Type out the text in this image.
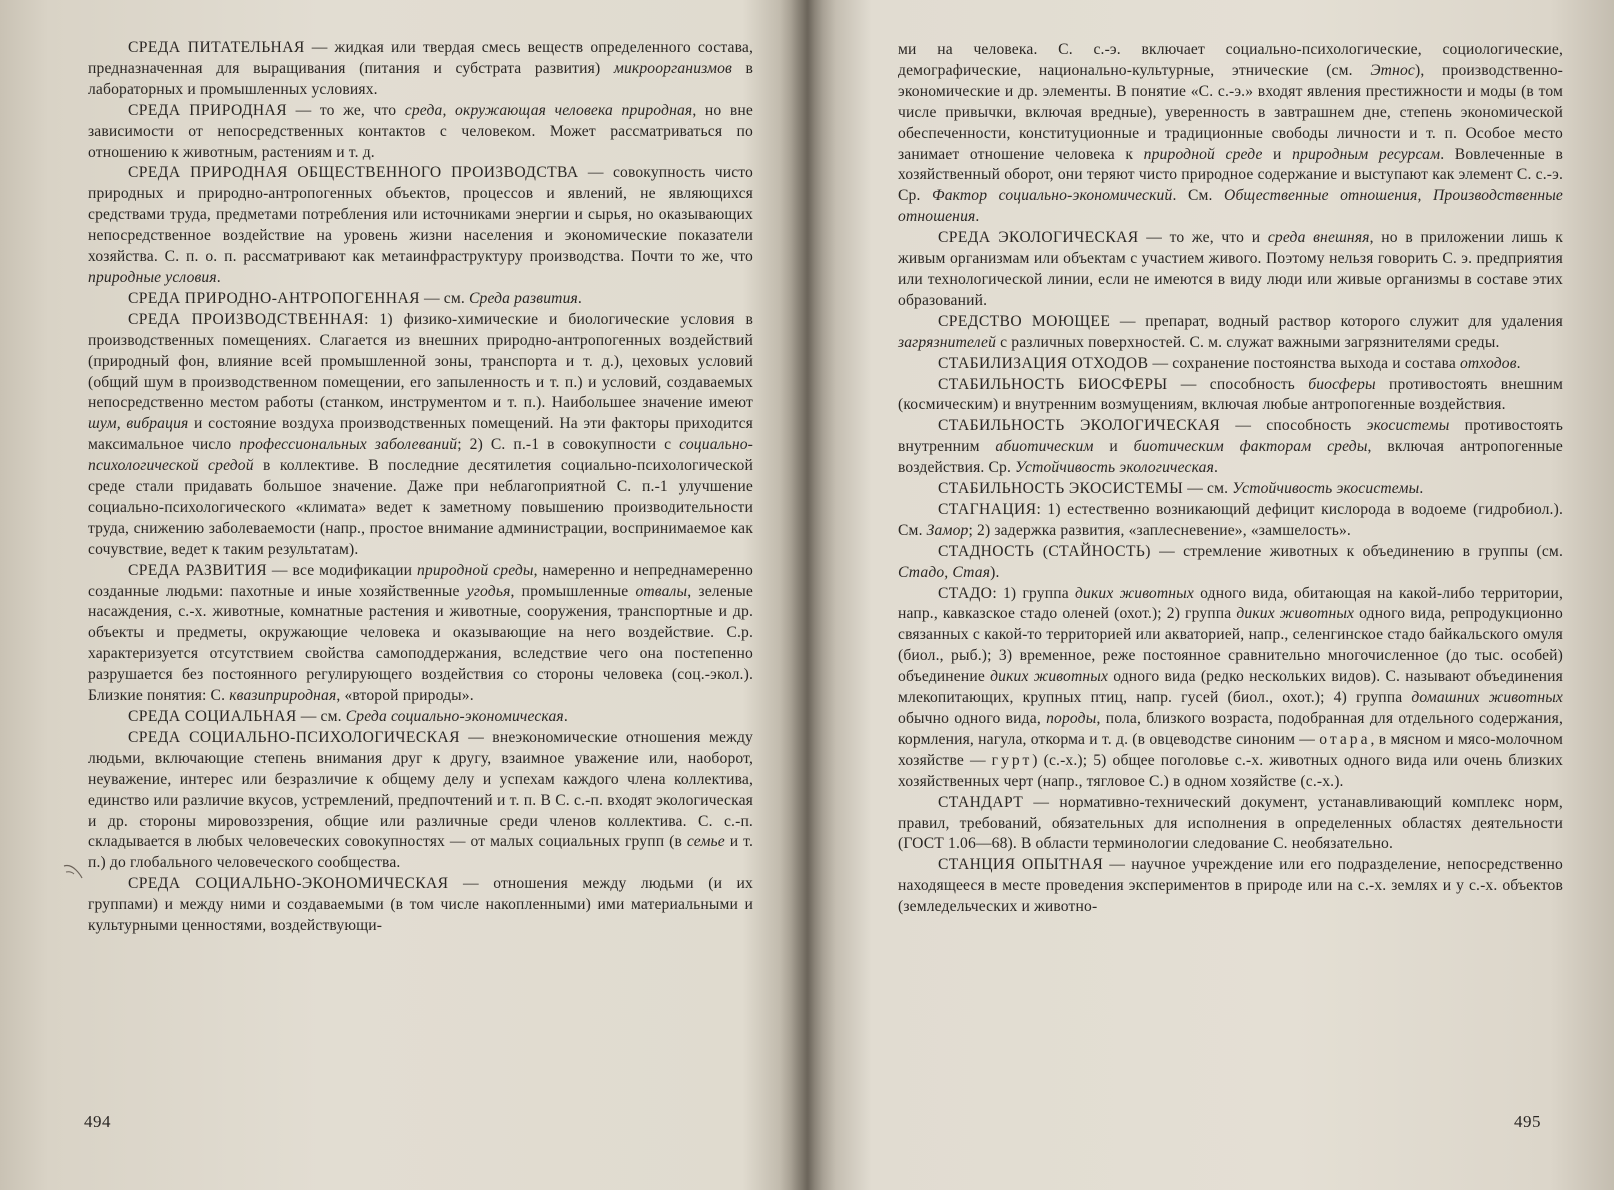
СРЕДА ПИТАТЕЛЬНАЯ — жидкая или твердая смесь веществ определенного состава, предназначенная для выращивания (питания и субстрата развития) микроорганизмов в лабораторных и промышленных условиях.

СРЕДА ПРИРОДНАЯ — то же, что среда, окружающая человека природная, но вне зависимости от непосредственных контактов с человеком. Может рассматриваться по отношению к животным, растениям и т. д.

СРЕДА ПРИРОДНАЯ ОБЩЕСТВЕННОГО ПРОИЗВОДСТВА — совокупность чисто природных и природно-антропогенных объектов, процессов и явлений, не являющихся средствами труда, предметами потребления или источниками энергии и сырья, но оказывающих непосредственное воздействие на уровень жизни населения и экономические показатели хозяйства. С. п. о. п. рассматривают как метаинфраструктуру производства. Почти то же, что природные условия.

СРЕДА ПРИРОДНО-АНТРОПОГЕННАЯ — см. Среда развития.

СРЕДА ПРОИЗВОДСТВЕННАЯ: 1) физико-химические и биологические условия в производственных помещениях. Слагается из внешних природно-антропогенных воздействий (природный фон, влияние всей промышленной зоны, транспорта и т. д.), цеховых условий (общий шум в производственном помещении, его запыленность и т. п.) и условий, создаваемых непосредственно местом работы (станком, инструментом и т. п.). Наибольшее значение имеют шум, вибрация и состояние воздуха производственных помещений. На эти факторы приходится максимальное число профессиональных заболеваний; 2) С. п.-1 в совокупности с социально-психологической средой в коллективе. В последние десятилетия социально-психологической среде стали придавать большое значение. Даже при неблагоприятной С. п.-1 улучшение социально-психологического «климата» ведет к заметному повышению производительности труда, снижению заболеваемости (напр., простое внимание администрации, воспринимаемое как сочувствие, ведет к таким результатам).

СРЕДА РАЗВИТИЯ — все модификации природной среды, намеренно и непреднамеренно созданные людьми: пахотные и иные хозяйственные угодья, промышленные отвалы, зеленые насаждения, с.-х. животные, комнатные растения и животные, сооружения, транспортные и др. объекты и предметы, окружающие человека и оказывающие на него воздействие. С.р. характеризуется отсутствием свойства самоподдержания, вследствие чего она постепенно разрушается без постоянного регулирующего воздействия со стороны человека (соц.-экол.). Близкие понятия: С. квазиприродная, «второй природы».

СРЕДА СОЦИАЛЬНАЯ — см. Среда социально-экономическая.

СРЕДА СОЦИАЛЬНО-ПСИХОЛОГИЧЕСКАЯ — внеэкономические отношения между людьми, включающие степень внимания друг к другу, взаимное уважение или, наоборот, неуважение, интерес или безразличие к общему делу и успехам каждого члена коллектива, единство или различие вкусов, устремлений, предпочтений и т. п. В С. с.-п. входят экологическая и др. стороны мировоззрения, общие или различные среди членов коллектива. С. с.-п. складывается в любых человеческих совокупностях — от малых социальных групп (в семье и т. п.) до глобального человеческого сообщества.

СРЕДА СОЦИАЛЬНО-ЭКОНОМИЧЕСКАЯ — отношения между людьми (и их группами) и между ними и создаваемыми (в том числе накопленными) ими материальными и культурными ценностями, воздействующи-

494

ми на человека. С. с.-э. включает социально-психологические, социологические, демографические, национально-культурные, этнические (см. Этнос), производственно-экономические и др. элементы. В понятие «С. с.-э.» входят явления престижности и моды (в том числе привычки, включая вредные), уверенность в завтрашнем дне, степень экономической обеспеченности, конституционные и традиционные свободы личности и т. п. Особое место занимает отношение человека к природной среде и природным ресурсам. Вовлеченные в хозяйственный оборот, они теряют чисто природное содержание и выступают как элемент С. с.-э. Ср. Фактор социально-экономический. См. Общественные отношения, Производственные отношения.

СРЕДА ЭКОЛОГИЧЕСКАЯ — то же, что и среда внешняя, но в приложении лишь к живым организмам или объектам с участием живого. Поэтому нельзя говорить С. э. предприятия или технологической линии, если не имеются в виду люди или живые организмы в составе этих образований.

СРЕДСТВО МОЮЩЕЕ — препарат, водный раствор которого служит для удаления загрязнителей с различных поверхностей. С. м. служат важными загрязнителями среды.

СТАБИЛИЗАЦИЯ ОТХОДОВ — сохранение постоянства выхода и состава отходов.

СТАБИЛЬНОСТЬ БИОСФЕРЫ — способность биосферы противостоять внешним (космическим) и внутренним возмущениям, включая любые антропогенные воздействия.

СТАБИЛЬНОСТЬ ЭКОЛОГИЧЕСКАЯ — способность экосистемы противостоять внутренним абиотическим и биотическим факторам среды, включая антропогенные воздействия. Ср. Устойчивость экологическая.

СТАБИЛЬНОСТЬ ЭКОСИСТЕМЫ — см. Устойчивость экосистемы.

СТАГНАЦИЯ: 1) естественно возникающий дефицит кислорода в водоеме (гидробиол.). См. Замор; 2) задержка развития, «заплесневение», «замшелость».

СТАДНОСТЬ (СТАЙНОСТЬ) — стремление животных к объединению в группы (см. Стадо, Стая).

СТАДО: 1) группа диких животных одного вида, обитающая на какой-либо территории, напр., кавказское стадо оленей (охот.); 2) группа диких животных одного вида, репродукционно связанных с какой-то территорией или акваторией, напр., селенгинское стадо байкальского омуля (биол., рыб.); 3) временное, реже постоянное сравнительно многочисленное (до тыс. особей) объединение диких животных одного вида (редко нескольких видов). С. называют объединения млекопитающих, крупных птиц, напр. гусей (биол., охот.); 4) группа домашних животных обычно одного вида, породы, пола, близкого возраста, подобранная для отдельного содержания, кормления, нагула, откорма и т. д. (в овцеводстве синоним — отара, в мясном и мясо-молочном хозяйстве — гурт) (с.-х.); 5) общее поголовье с.-х. животных одного вида или очень близких хозяйственных черт (напр., тягловое С.) в одном хозяйстве (с.-х.).

СТАНДАРТ — нормативно-технический документ, устанавливающий комплекс норм, правил, требований, обязательных для исполнения в определенных областях деятельности (ГОСТ 1.06—68). В области терминологии следование С. необязательно.

СТАНЦИЯ ОПЫТНАЯ — научное учреждение или его подразделение, непосредственно находящееся в месте проведения экспериментов в природе или на с.-х. землях и у с.-х. объектов (земледельческих и животно-

495
